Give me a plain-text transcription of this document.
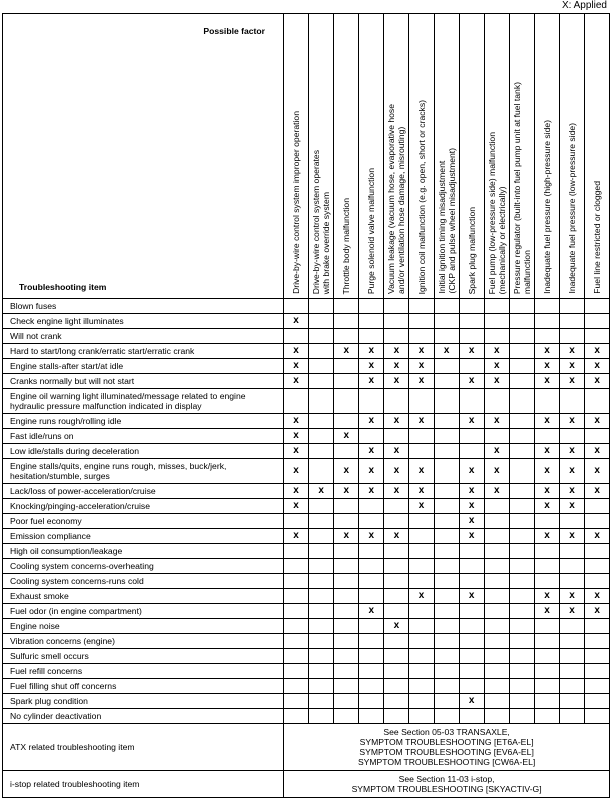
X: Applied
Possible factor
Troubleshooting item	Drive-by-wire control system improper operation	Drive-by-wire control system operates
with brake override system	Throttle body malfunction	Purge solenoid valve malfunction	Vacuum leakage (vacuum hose, evaporative hose
and/or ventilation hose damage, misrouting)	Ignition coil malfunction (e.g. open, short or cracks)	Initial ignition timing misadjustment
(CKP and pulse wheel misadjustment)	Spark plug malfunction	Fuel pump (low-pressure side) malfunction
(mechanically or electrically)	Pressure regulator (built-into fuel pump unit at fuel tank)
malfunction	Inadequate fuel pressure (high-pressure side)	Inadequate fuel pressure (low-pressure side)	Fuel line restricted or clogged

Blown fuses													
Check engine light illuminates	x												
Will not crank													
Hard to start/long crank/erratic start/erratic crank	x		x	x	x	x	x	x	x		x	x	x
Engine stalls-after start/at idle	x			x	x	x			x		x	x	x
Cranks normally but will not start	x			x	x	x		x	x		x	x	x
Engine oil warning light illuminated/message related to engine
hydraulic pressure malfunction indicated in display													
Engine runs rough/rolling idle	x			x	x	x		x	x		x	x	x
Fast idle/runs on	x		x										
Low idle/stalls during deceleration	x			x	x				x		x	x	x
Engine stalls/quits, engine runs rough, misses, buck/jerk,
hesitation/stumble, surges	x		x	x	x	x		x	x		x	x	x
Lack/loss of power-acceleration/cruise	x	x	x	x	x	x		x	x		x	x	x
Knocking/pinging-acceleration/cruise	x					x		x			x	x	
Poor fuel economy								x					
Emission compliance	x		x	x	x			x			x	x	x
High oil consumption/leakage													
Cooling system concerns-overheating													
Cooling system concerns-runs cold													
Exhaust smoke						x		x			x	x	x
Fuel odor (in engine compartment)				x							x	x	x
Engine noise					x								
Vibration concerns (engine)													
Sulfuric smell occurs													
Fuel refill concerns													
Fuel filling shut off concerns													
Spark plug condition								x					
No cylinder deactivation													
ATX related troubleshooting item	See Section 05-03 TRANSAXLE,
SYMPTOM TROUBLESHOOTING [ET6A-EL]
SYMPTOM TROUBLESHOOTING [EV6A-EL]
SYMPTOM TROUBLESHOOTING [CW6A-EL]												
i-stop related troubleshooting item	See Section 11-03 i-stop,
SYMPTOM TROUBLESHOOTING [SKYACTIV-G]												
